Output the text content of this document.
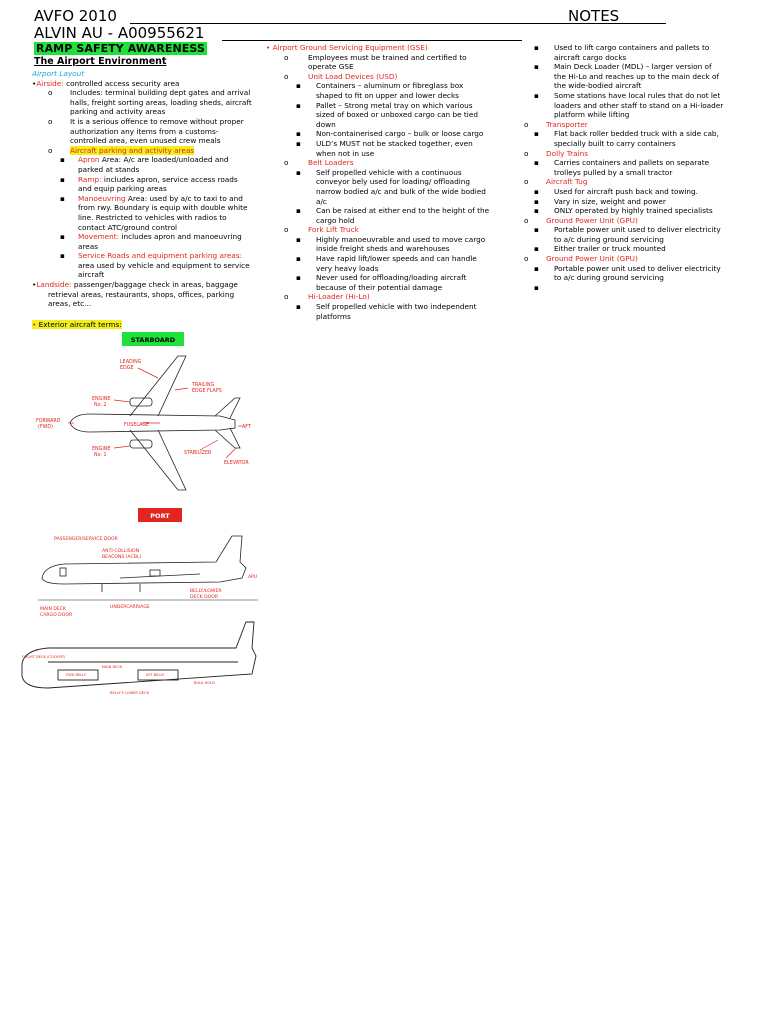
AVFO 2010	NOTES
ALVIN AU - A00955621
RAMP SAFETY AWARENESS
The Airport Environment
Airport Layout
•Airside: controlled access security area
o Includes: terminal building dept gates and arrival
halls, freight sorting areas, loading sheds, aircraft
parking and activity areas
o It is a serious offence to remove without proper
authorization any items from a customs-
controlled area, even unused crew meals
o Aircraft parking and activity areas
▪ Apron Area: A/c are loaded/unloaded and
parked at stands
▪ Ramp: includes apron, service access roads
and equip parking areas
▪ Manoeuvring Area: used by a/c to taxi to and
from rwy. Boundary is equip with double white
line. Restricted to vehicles with radios to
contact ATC/ground control
▪ Movement: includes apron and manoeuvring
areas
▪ Service Roads and equipment parking areas:
area used by vehicle and equipment to service
aircraft
•Landside: passenger/baggage check in areas, baggage
retrieval areas, restaurants, shops, offices, parking
areas, etc…
• Exterior aircraft terms:
STARBOARD
PORT
LEADING
EDGE
TRAILING
EDGE FLAPS
ENGINE
No. 2
FORWARD
(FWD)	FUSELAGE	AFT
ENGINE
No. 1	STABILIZER
ELEVATOR
PASSENGER/SERVICE DOOR
ANTI-COLLISION
BEACONS (ACBL)
APU
BELLY/LOWER
DECK DOOR
UNDERCARRIAGE
MAIN DECK
CARGO DOOR
FLIGHT DECK (COCKPIT)
MAIN DECK
FWD BELLY	AFT BELLY
BULK HOLD
BELLY'S LOWER DECK
• Airport Ground Servicing Equipment (GSE)
o	Employees must be trained and certified to
operate GSE
o	Unit Load Devices (USD)
▪ Containers – aluminum or fibreglass box
shaped to fit on upper and lower decks
▪ Pallet – Strong metal tray on which various
sized of boxed or unboxed cargo can be tied
down
▪ Non-containerised cargo – bulk or loose cargo
▪ ULD’s MUST not be stacked together, even
when not in use
o	Belt Loaders
▪ Self propelled vehicle with a continuous
conveyor bely used for loading/ offloading
narrow bodied a/c and bulk of the wide bodied
a/c
▪ Can be raised at either end to the height of the
cargo hold
o	Fork Lift Truck
▪ Highly manoeuvrable and used to move cargo
inside freight sheds and warehouses
▪ Have rapid lift/lower speeds and can handle
very heavy loads
▪ Never used for offloading/loading aircraft
because of their potential damage
o	Hi-Loader (Hi-Lo)
▪ Self propelled vehicle with two independent
platforms
▪ Used to lift cargo containers and pallets to
aircraft cargo docks
▪ Main Deck Loader (MDL) – larger version of
the Hi-Lo and reaches up to the main deck of
the wide-bodied aircraft
▪ Some stations have local rules that do not let
loaders and other staff to stand on a Hi-loader
platform while lifting
o Transporter
▪ Flat back roller bedded truck with a side cab,
specially built to carry containers
o Dolly Trains
▪ Carries containers and pallets on separate
trolleys pulled by a small tractor
o Aircraft Tug
▪ Used for aircraft push back and towing.
▪ Vary in size, weight and power
▪ ONLY operated by highly trained specialists
o Ground Power Unit (GPU)
▪ Portable power unit used to deliver electricity
to a/c during ground servicing
▪ Either trailer or truck mounted
o Ground Power Unit (GPU)
▪ Portable power unit used to deliver electricity
to a/c during ground servicing
▪
